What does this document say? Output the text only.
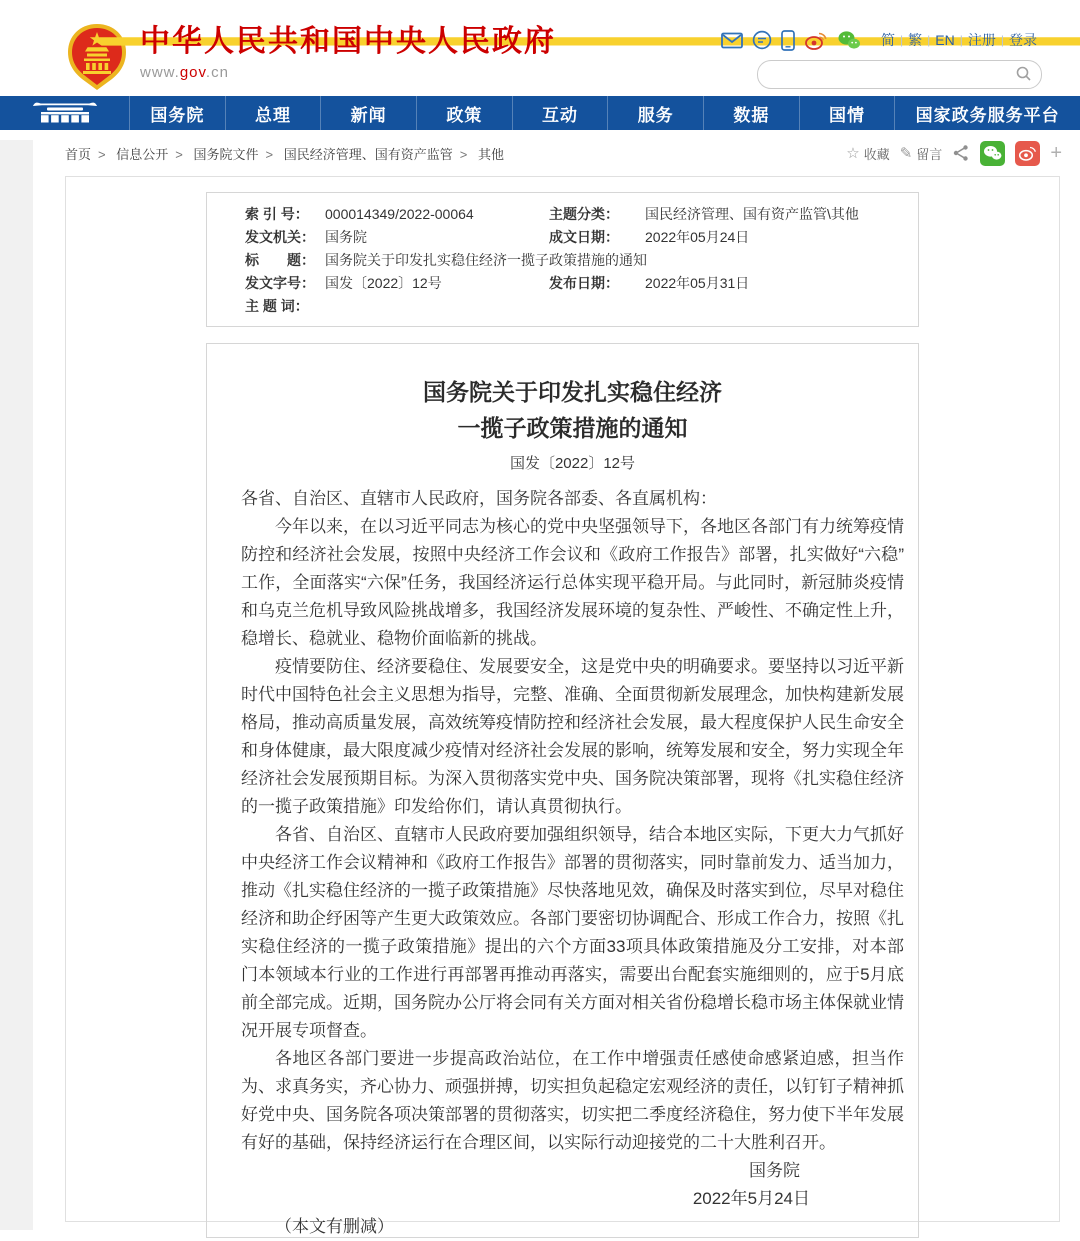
中华人民共和国中央人民政府
www.gov.cn
简 | 繁 | EN | 注册 | 登录
国务院	总理	新闻	政策	互动	服务	数据	国情	国家政务服务平台
首页 > 信息公开 > 国务院文件 > 国民经济管理、国有资产监管 > 其他	☆ 收藏 ✎ 留言	+
索 引 号：	000014349/2022-00064	主题分类：	国民经济管理、国有资产监管\其他
发文机关： 国务院	成文日期：	2022年05月24日
标　　题： 国务院关于印发扎实稳住经济一揽子政策措施的通知
发文字号： 国发〔2022〕12号	发布日期：	2022年05月31日
主 题 词：
国务院关于印发扎实稳住经济
一揽子政策措施的通知
国发〔2022〕12号

各省、自治区、直辖市人民政府，国务院各部委、各直属机构：

今年以来，在以习近平同志为核心的党中央坚强领导下，各地区各部门有力统筹疫情防控和经济社会发展，按照中央经济工作会议和《政府工作报告》部署，扎实做好“六稳”工作，全面落实“六保”任务，我国经济运行总体实现平稳开局。与此同时，新冠肺炎疫情和乌克兰危机导致风险挑战增多，我国经济发展环境的复杂性、严峻性、不确定性上升，稳增长、稳就业、稳物价面临新的挑战。

疫情要防住、经济要稳住、发展要安全，这是党中央的明确要求。要坚持以习近平新时代中国特色社会主义思想为指导，完整、准确、全面贯彻新发展理念，加快构建新发展格局，推动高质量发展，高效统筹疫情防控和经济社会发展，最大程度保护人民生命安全和身体健康，最大限度减少疫情对经济社会发展的影响，统筹发展和安全，努力实现全年经济社会发展预期目标。为深入贯彻落实党中央、国务院决策部署，现将《扎实稳住经济的一揽子政策措施》印发给你们，请认真贯彻执行。

各省、自治区、直辖市人民政府要加强组织领导，结合本地区实际，下更大力气抓好中央经济工作会议精神和《政府工作报告》部署的贯彻落实，同时靠前发力、适当加力，推动《扎实稳住经济的一揽子政策措施》尽快落地见效，确保及时落实到位，尽早对稳住经济和助企纾困等产生更大政策效应。各部门要密切协调配合、形成工作合力，按照《扎实稳住经济的一揽子政策措施》提出的六个方面33项具体政策措施及分工安排，对本部门本领域本行业的工作进行再部署再推动再落实，需要出台配套实施细则的，应于5月底前全部完成。近期，国务院办公厅将会同有关方面对相关省份稳增长稳市场主体保就业情况开展专项督查。

各地区各部门要进一步提高政治站位，在工作中增强责任感使命感紧迫感，担当作为、求真务实，齐心协力、顽强拼搏，切实担负起稳定宏观经济的责任，以钉钉子精神抓好党中央、国务院各项决策部署的贯彻落实，切实把二季度经济稳住，努力使下半年发展有好的基础，保持经济运行在合理区间，以实际行动迎接党的二十大胜利召开。

国务院

2022年5月24日

（本文有删减）
